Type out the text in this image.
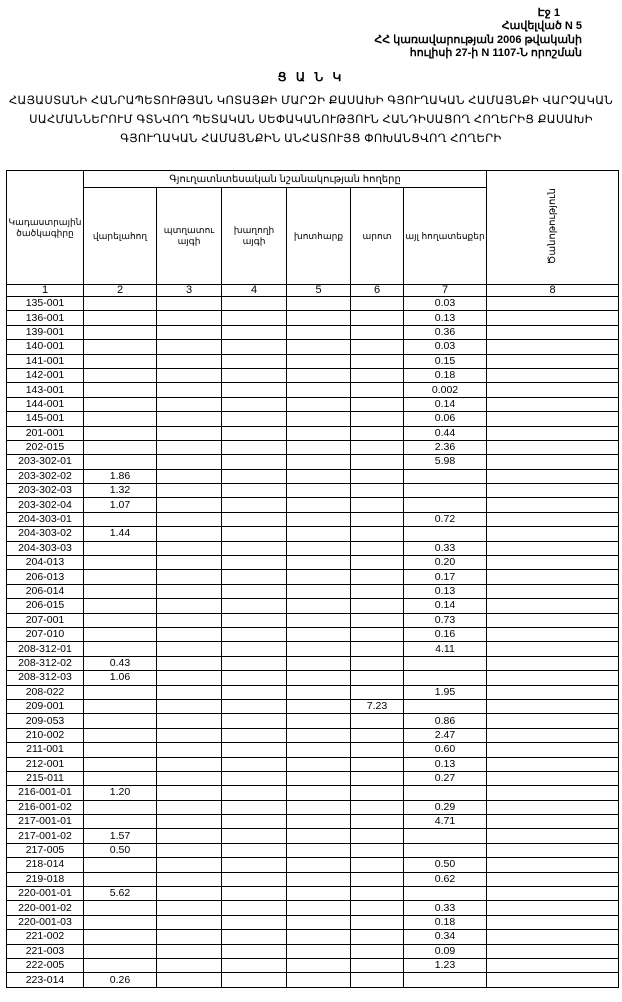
Էջ 1
Հավելված N 5
ՀՀ կառավարության 2006 թվականի
հուլիսի 27-ի N 1107-Ն որոշման
Ց Ա Ն Կ
ՀԱՅԱՍՏԱՆԻ ՀԱՆՐԱՊԵՏՈՒԹՅԱՆ ԿՈՏԱՅՔԻ ՄԱՐԶԻ ՔԱՍԱԽԻ ԳՅՈՒՂԱԿԱՆ ՀԱՄԱՅՆՔԻ ՎԱՐՉԱԿԱՆ ՍԱՀՄԱՆՆԵՐՈՒՄ ԳՏՆՎՈՂ ՊԵՏԱԿԱՆ ՍԵՓԱԿԱՆՈՒԹՅՈՒՆ ՀԱՆԴԻՍԱՑՈՂ ՀՈՂԵՐԻՑ ՔԱՍԱԽԻ ԳՅՈՒՂԱԿԱՆ ՀԱՄԱՅՆՔԻՆ ԱՆՀԱՏՈՒՅՑ ՓՈԽԱՆՑՎՈՂ ՀՈՂԵՐԻ
Կադաստրային ծածկագիրը	Գյուղատնտեսական նշանակության հողերը						Ծանոթություն
	վարելահող	պտղատու այգի	խաղողի այգի	խոտհարք	արոտ	այլ հողատեսքեր	
1	2	3	4	5	6	7	8
135-001						0.03	
136-001						0.13	
139-001						0.36	
140-001						0.03	
141-001						0.15	
142-001						0.18	
143-001						0.002	
144-001						0.14	
145-001						0.06	
201-001						0.44	
202-015						2.36	
203-302-01						5.98	
203-302-02	1.86						
203-302-03	1.32						
203-302-04	1.07						
204-303-01						0.72	
204-303-02	1.44						
204-303-03						0.33	
204-013						0.20	
206-013						0.17	
206-014						0.13	
206-015						0.14	
207-001						0.73	
207-010						0.16	
208-312-01						4.11	
208-312-02	0.43						
208-312-03	1.06						
208-022						1.95	
209-001					7.23		
209-053						0.86	
210-002						2.47	
211-001						0.60	
212-001						0.13	
215-011						0.27	
216-001-01	1.20						
216-001-02						0.29	
217-001-01						4.71	
217-001-02	1.57						
217-005	0.50						
218-014						0.50	
219-018						0.62	
220-001-01	5.62						
220-001-02						0.33	
220-001-03						0.18	
221-002						0.34	
221-003						0.09	
222-005						1.23	
223-014	0.26						
